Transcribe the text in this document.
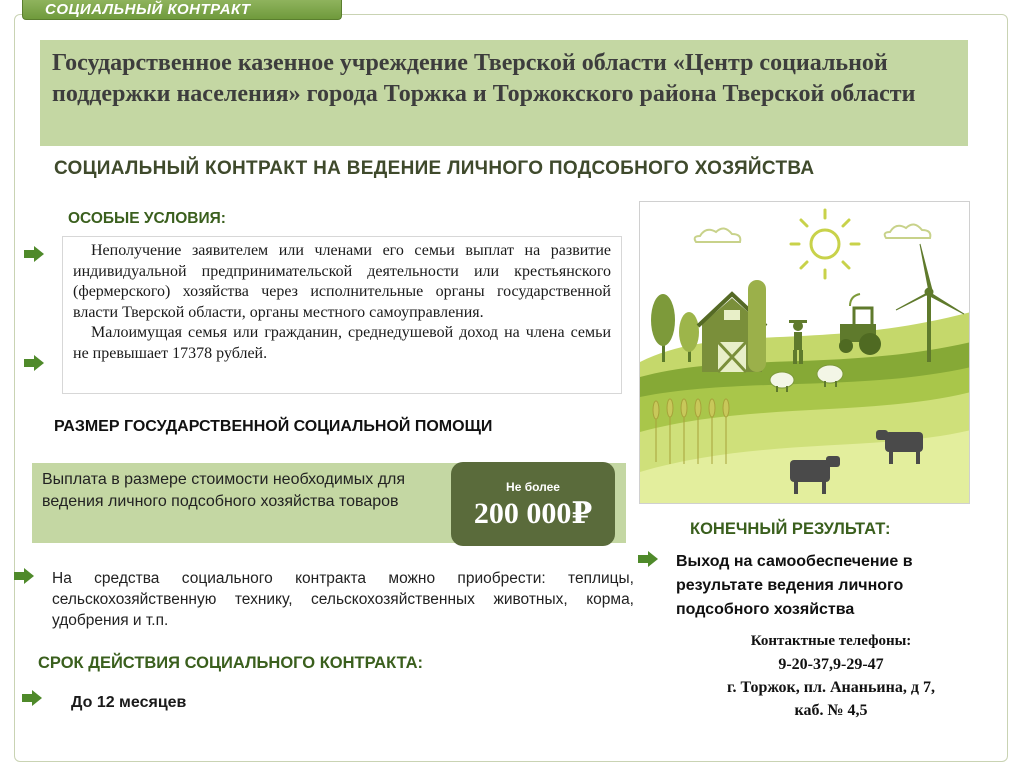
СОЦИАЛЬНЫЙ КОНТРАКТ
Государственное казенное учреждение Тверской области «Центр социальной поддержки населения» города Торжка и Торжокского района Тверской области
СОЦИАЛЬНЫЙ КОНТРАКТ НА ВЕДЕНИЕ ЛИЧНОГО ПОДСОБНОГО ХОЗЯЙСТВА
ОСОБЫЕ УСЛОВИЯ:

Неполучение заявителем или членами его семьи выплат на развитие индивидуальной предпринимательской деятельности или крестьянского (фермерского) хозяйства через исполнительные органы государственной власти Тверской области, органы местного самоуправления.

Малоимущая семья или гражданин, среднедушевой доход на члена семьи не превышает 17378 рублей.

РАЗМЕР ГОСУДАРСТВЕННОЙ СОЦИАЛЬНОЙ ПОМОЩИ
Выплата в размере стоимости необходимых для ведения личного подсобного хозяйства товаров
Не более
200 000₽
На средства социального контракта можно приобрести: теплицы, сельскохозяйственную технику, сельскохозяйственных животных, корма, удобрения и т.п.
СРОК ДЕЙСТВИЯ СОЦИАЛЬНОГО КОНТРАКТА:
До 12 месяцев
КОНЕЧНЫЙ РЕЗУЛЬТАТ:
Выход на самообеспечение в результате ведения личного подсобного хозяйства
Контактные телефоны:
9-20-37,9-29-47
г. Торжок, пл. Ананьина, д 7,
каб. № 4,5
